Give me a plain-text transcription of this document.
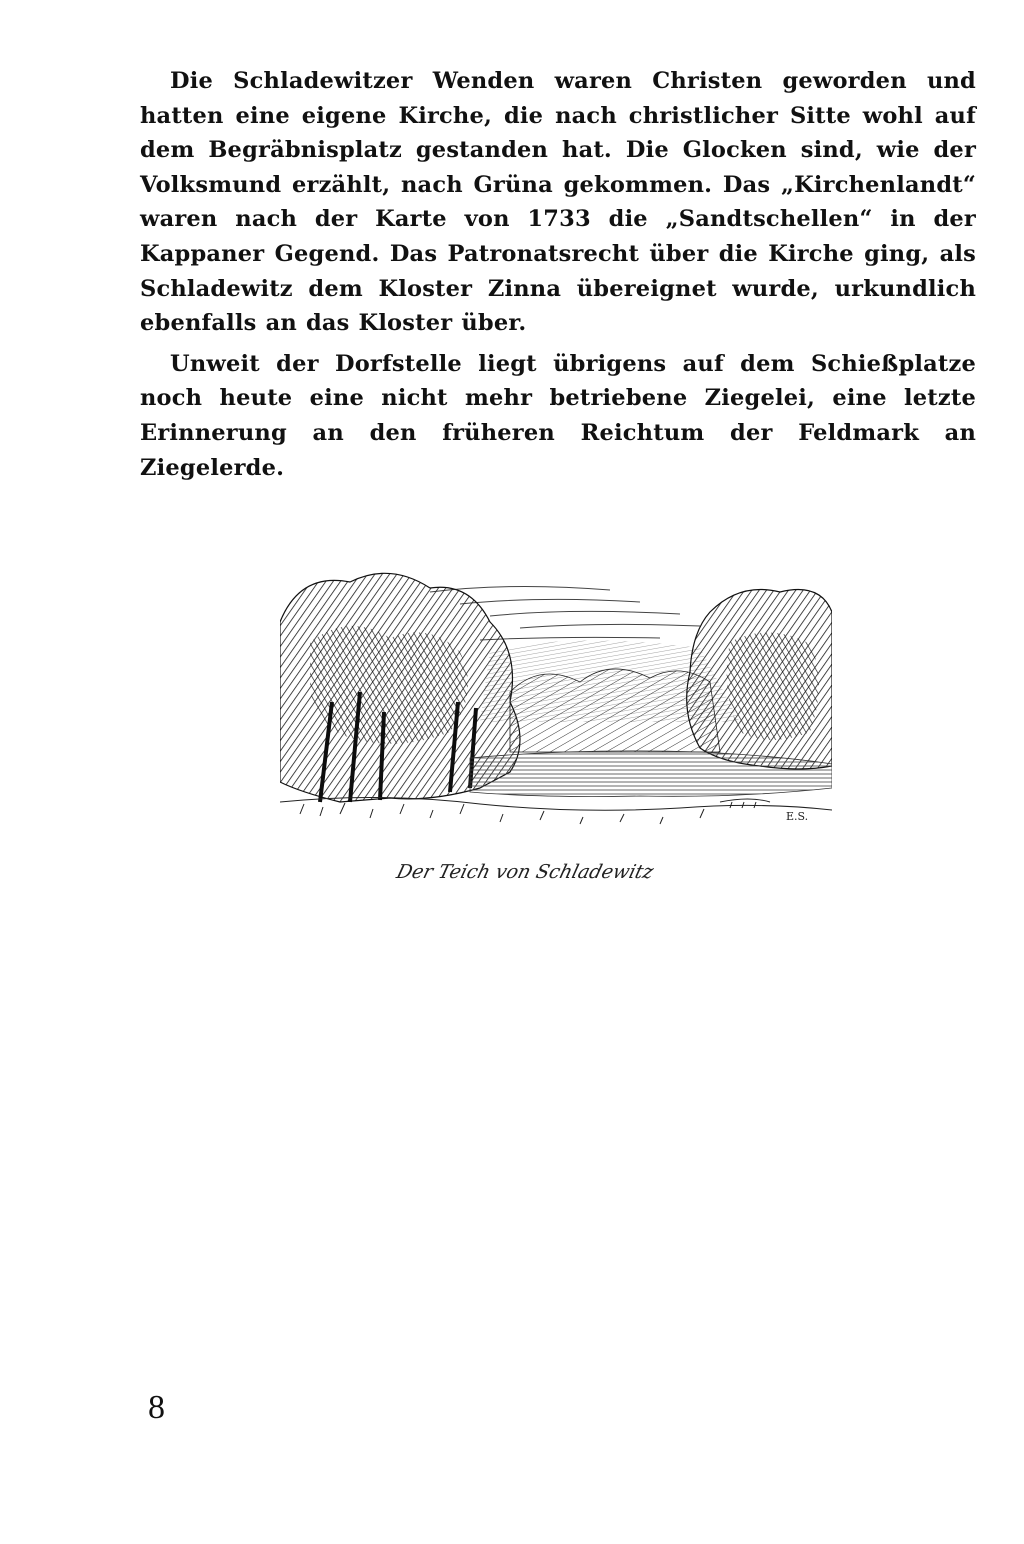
Die Schladewitzer Wenden waren Christen geworden und hatten eine eigene Kirche, die nach christlicher Sitte wohl auf dem Begräbnisplatz gestanden hat. Die Glocken sind, wie der Volksmund erzählt, nach Grüna gekommen. Das „Kirchenlandt“ waren nach der Karte von 1733 die „Sandtschellen“ in der Kappaner Gegend. Das Patronatsrecht über die Kirche ging, als Schladewitz dem Kloster Zinna übereignet wurde, urkundlich ebenfalls an das Kloster über.

Unweit der Dorfstelle liegt übrigens auf dem Schießplatze noch heute eine nicht mehr betriebene Ziegelei, eine letzte Erinnerung an den früheren Reichtum der Feldmark an Ziegelerde.

E.S.
Der Teich von Schladewitz
8
